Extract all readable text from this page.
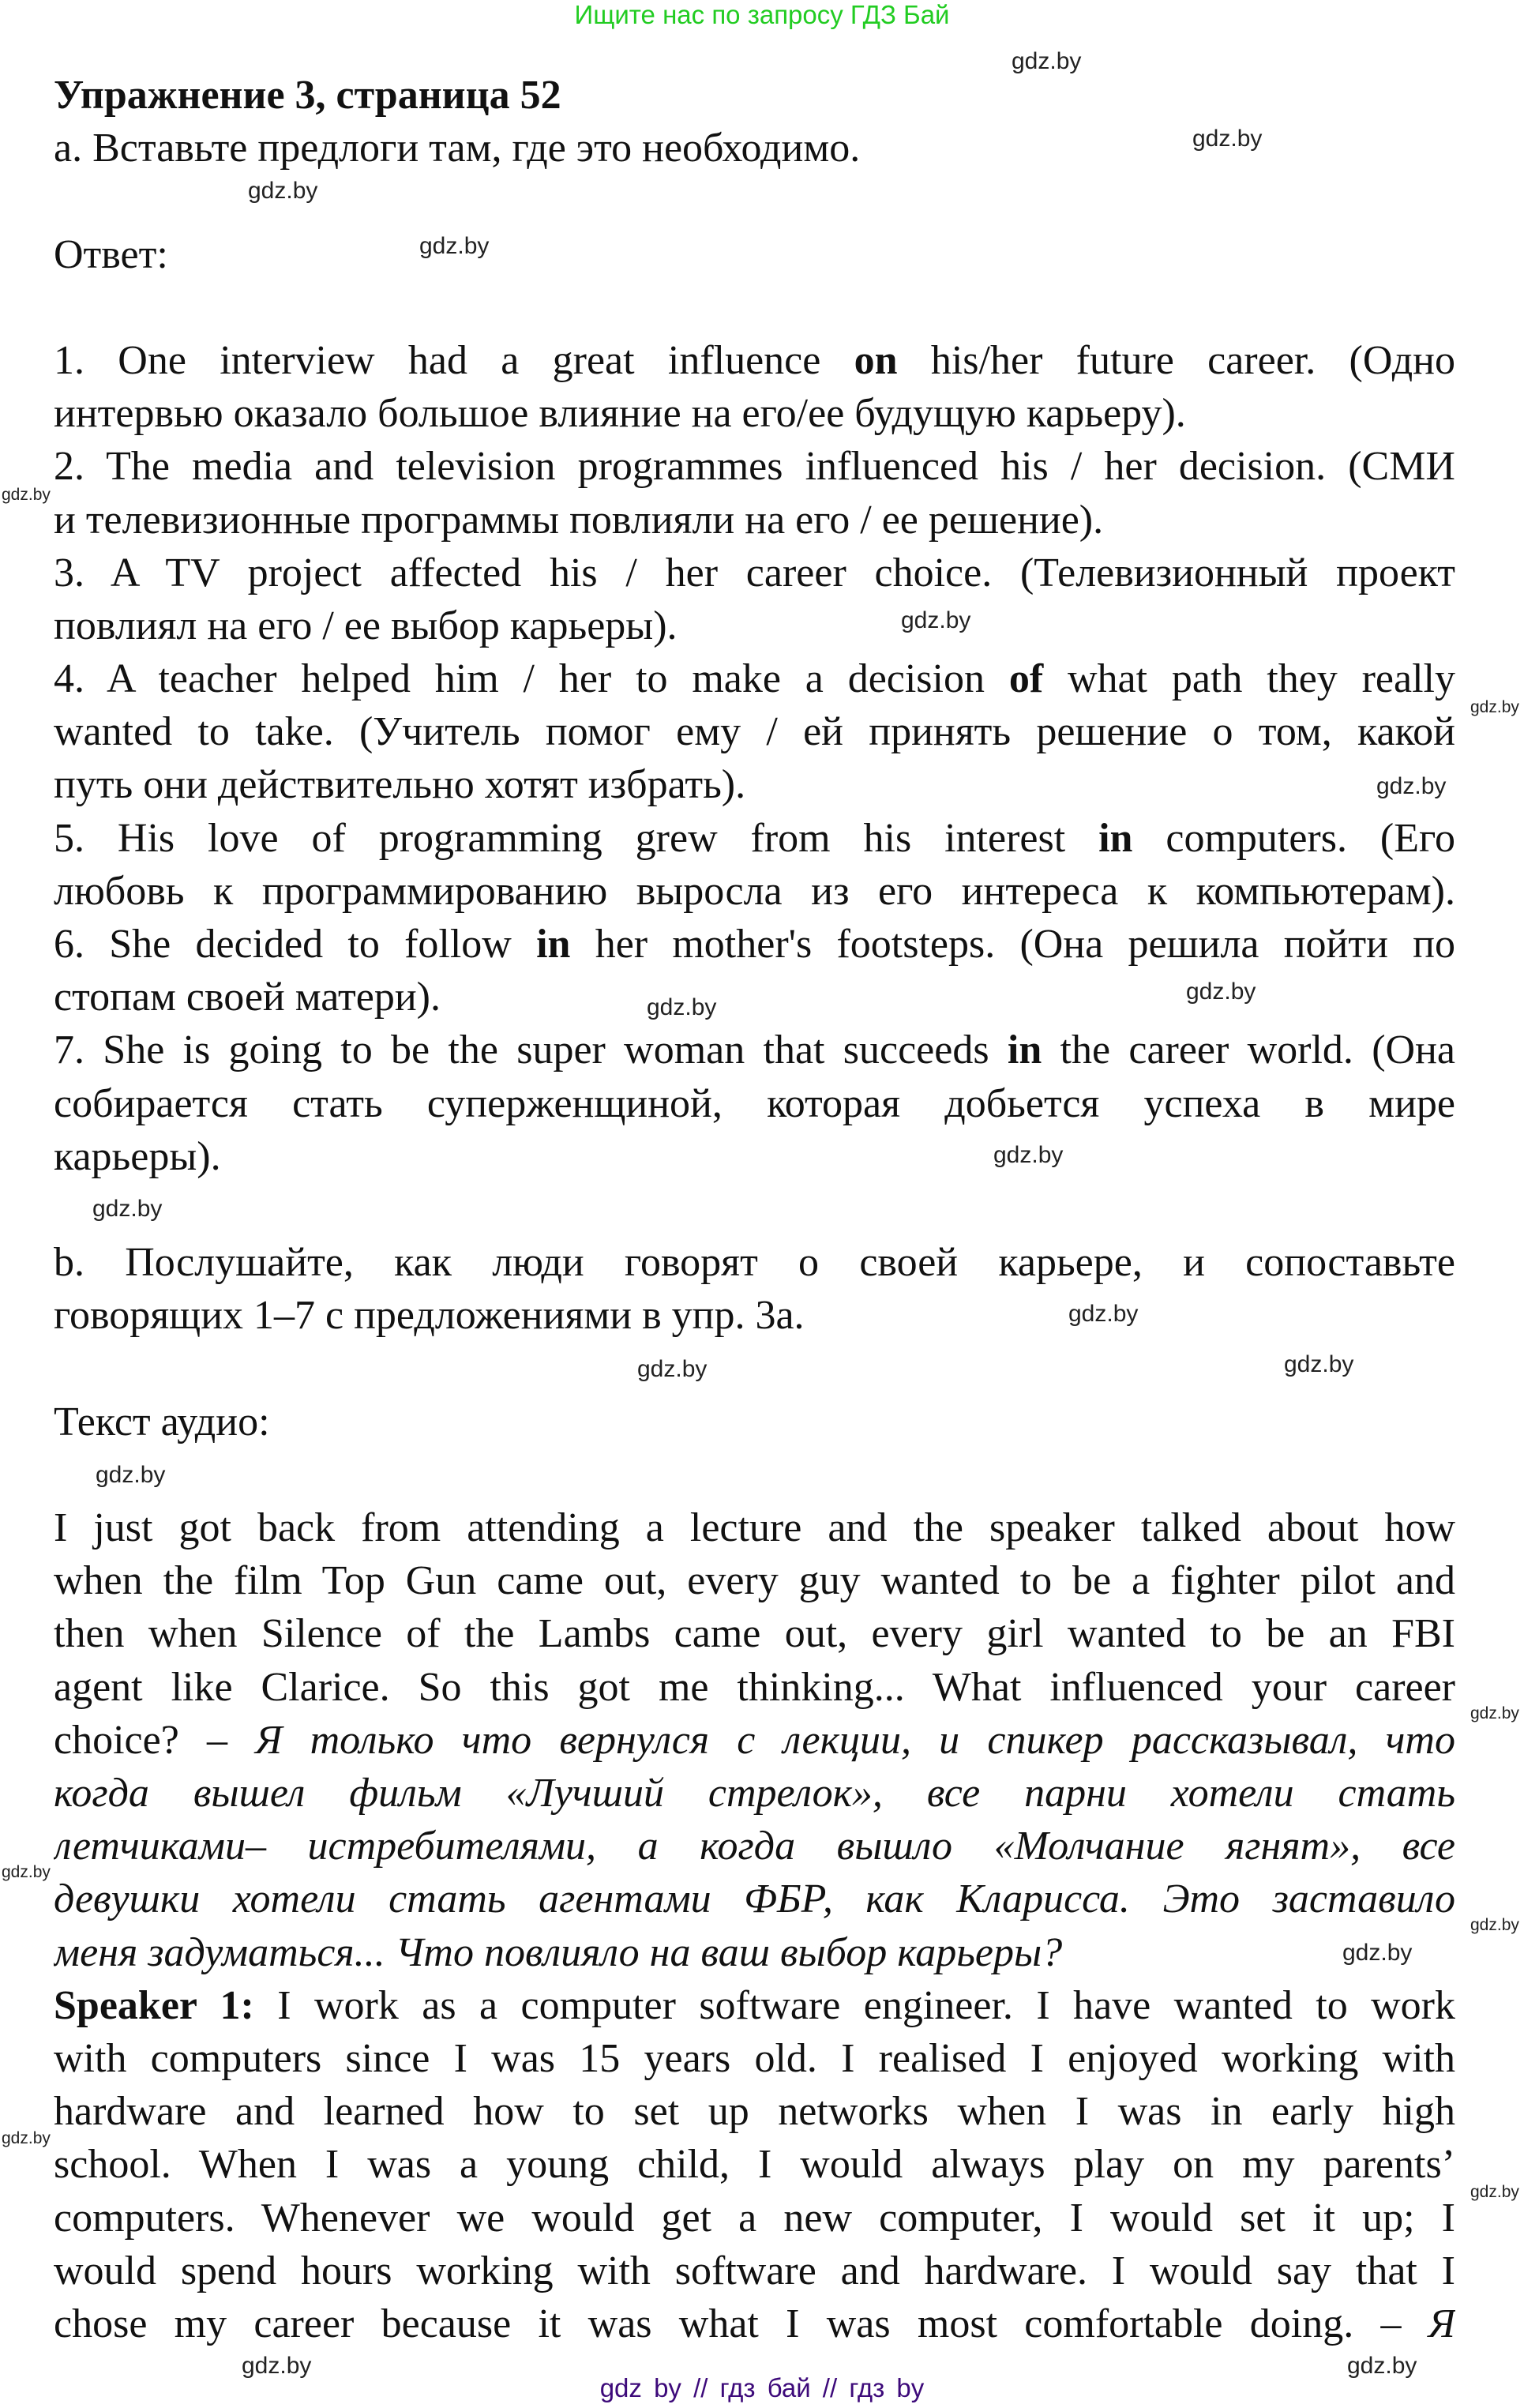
Ищите нас по запросу ГДЗ Бай
Упражнение 3, страница 52
а. Вставьте предлоги там, где это необходимо.
Ответ:
1. One interview had a great influence on his/her future career. (Одно
интервью оказало большое влияние на его/ее будущую карьеру).
2. The media and television programmes influenced his / her decision. (СМИ
и телевизионные программы повлияли на его / ее решение).
3. A TV project affected his / her career choice. (Телевизионный проект
повлиял на его / ее выбор карьеры).
4. A teacher helped him / her to make a decision of what path they really
wanted to take. (Учитель помог ему / ей принять решение о том, какой
путь они действительно хотят избрать).
5. His love of programming grew from his interest in computers. (Его
любовь к программированию выросла из его интереса к компьютерам).
6. She decided to follow in her mother's footsteps. (Она решила пойти по
стопам своей матери).
7. She is going to be the super woman that succeeds in the career world. (Она
собирается стать суперженщиной, которая добьется успеха в мире
карьеры).
b. Послушайте, как люди говорят о своей карьере, и сопоставьте
говорящих 1–7 с предложениями в упр. 3а.
Текст аудио:
I just got back from attending a lecture and the speaker talked about how
when the film Top Gun came out, every guy wanted to be a fighter pilot and
then when Silence of the Lambs came out, every girl wanted to be an FBI
agent like Clarice. So this got me thinking... What influenced your career
choice? – Я только что вернулся с лекции, и спикер рассказывал, что
когда вышел фильм «Лучший стрелок», все парни хотели стать
летчиками– истребителями, а когда вышло «Молчание ягнят», все
девушки хотели стать агентами ФБР, как Кларисса. Это заставило
меня задуматься... Что повлияло на ваш выбор карьеры?
Speaker 1: I work as a computer software engineer. I have wanted to work
with computers since I was 15 years old. I realised I enjoyed working with
hardware and learned how to set up networks when I was in early high
school. When I was a young child, I would always play on my parents’
computers. Whenever we would get a new computer, I would set it up; I
would spend hours working with software and hardware. I would say that I
chose my career because it was what I was most comfortable doing. – Я
gdz.by
gdz.by
gdz.by
gdz.by
gdz.by
gdz.by
gdz.by
gdz.by
gdz.by
gdz.by
gdz.by
gdz.by
gdz.by
gdz.by
gdz.by
gdz.by
gdz.by
gdz.by
gdz.by
gdz.by
gdz.by
gdz.by
gdz.by
gdz.by
gdz by // гдз бай // гдз by
